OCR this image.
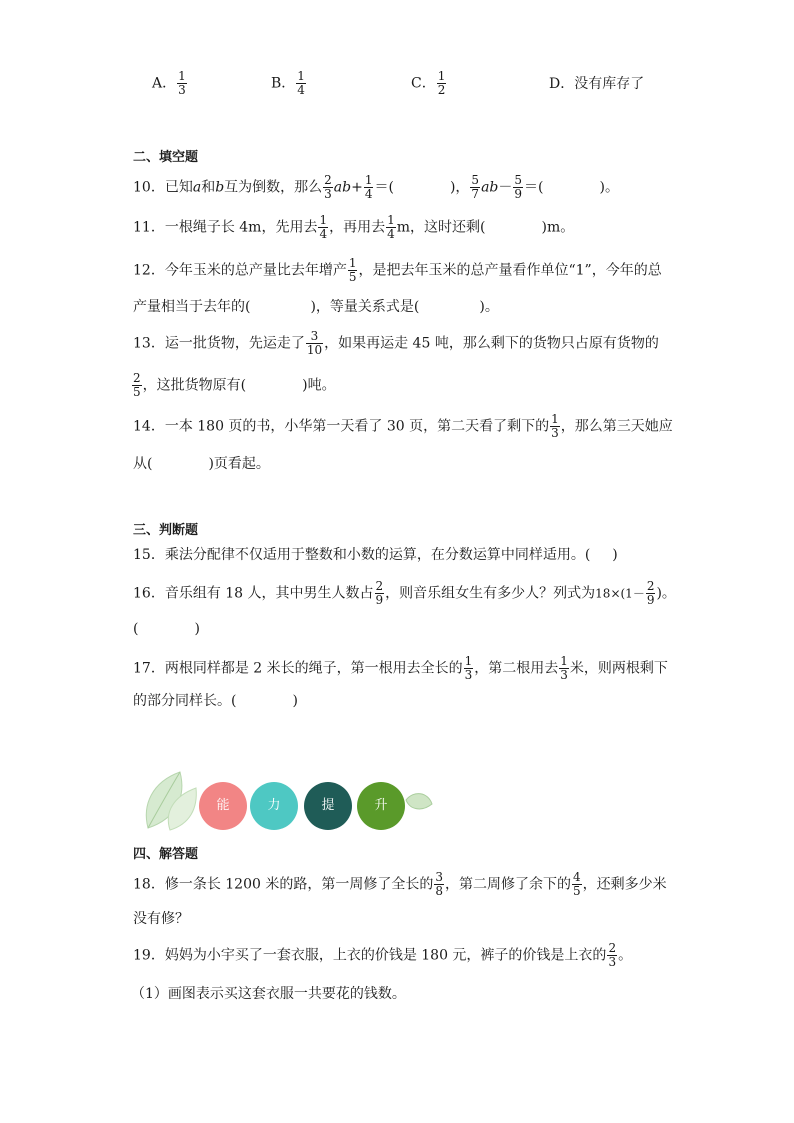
A． $\frac{1}{3}$	B． $\frac{1}{4}$	C． $\frac{1}{2}$	D．没有库存了
二、填空题
10．已知a和b互为倒数，那么 $\frac{2}{3} ab+ \frac{1}{4}$ ＝(	)， $\frac{5}{7} ab- \frac{5}{9}$ ＝(	)。
11．一根绳子长 4m，先用去 $\frac{1}{4}$ ，再用去 $\frac{1}{4}$ m，这时还剩(	)m。
12．今年玉米的总产量比去年增产 $\frac{1}{5}$ ，是把去年玉米的总产量看作单位“1”，今年的总
产量相当于去年的(	)，等量关系式是(	)。
13．运一批货物，先运走了 $\frac{3}{10}$ ，如果再运走 45 吨，那么剩下的货物只占原有货物的
$\frac{2}{5}$ ，这批货物原有(	)吨。
14．一本 180 页的书，小华第一天看了 30 页，第二天看了剩下的 $\frac{1}{3}$ ，那么第三天她应
从(	)页看起。
三、判断题
15．乘法分配律不仅适用于整数和小数的运算，在分数运算中同样适用。( )
16．音乐组有 18 人，其中男生人数占 $\frac{2}{9}$ ，则音乐组女生有多少人？列式为$18\times(1- \frac{2}{9}$ )。
(	)
17．两根同样都是 2 米长的绳子，第一根用去全长的 $\frac{1}{3}$ ，第二根用去 $\frac{1}{3}$ 米，则两根剩下
的部分同样长。(	)
能	力	提	升
四、解答题
18．修一条长 1200 米的路，第一周修了全长的 $\frac{3}{8}$ ，第二周修了余下的 $\frac{4}{5}$ ，还剩多少米
没有修？
19．妈妈为小宇买了一套衣服，上衣的价钱是 180 元，裤子的价钱是上衣的 $\frac{2}{3}$ 。
（1）画图表示买这套衣服一共要花的钱数。
